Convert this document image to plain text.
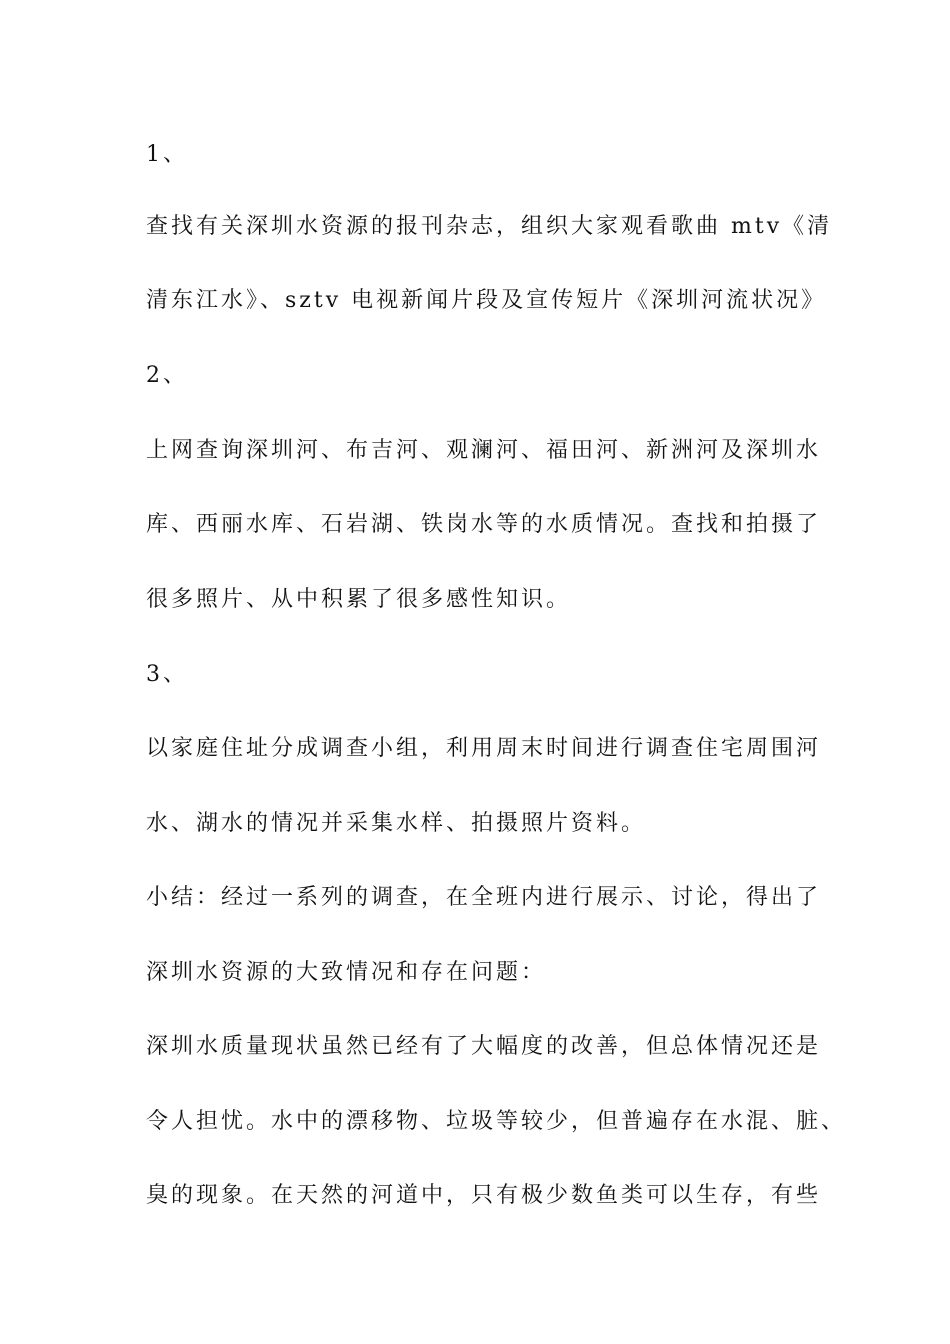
1、
查找有关深圳水资源的报刊杂志，组织大家观看歌曲 mtv《清
清东江水》、sztv 电视新闻片段及宣传短片《深圳河流状况》
2、
上网查询深圳河、布吉河、观澜河、福田河、新洲河及深圳水
库、西丽水库、石岩湖、铁岗水等的水质情况。查找和拍摄了
很多照片、从中积累了很多感性知识。
3、
以家庭住址分成调查小组，利用周末时间进行调查住宅周围河
水、湖水的情况并采集水样、拍摄照片资料。
小结：经过一系列的调查，在全班内进行展示、讨论，得出了
深圳水资源的大致情况和存在问题：
深圳水质量现状虽然已经有了大幅度的改善，但总体情况还是
令人担忧。水中的漂移物、垃圾等较少，但普遍存在水混、脏、
臭的现象。在天然的河道中，只有极少数鱼类可以生存，有些
